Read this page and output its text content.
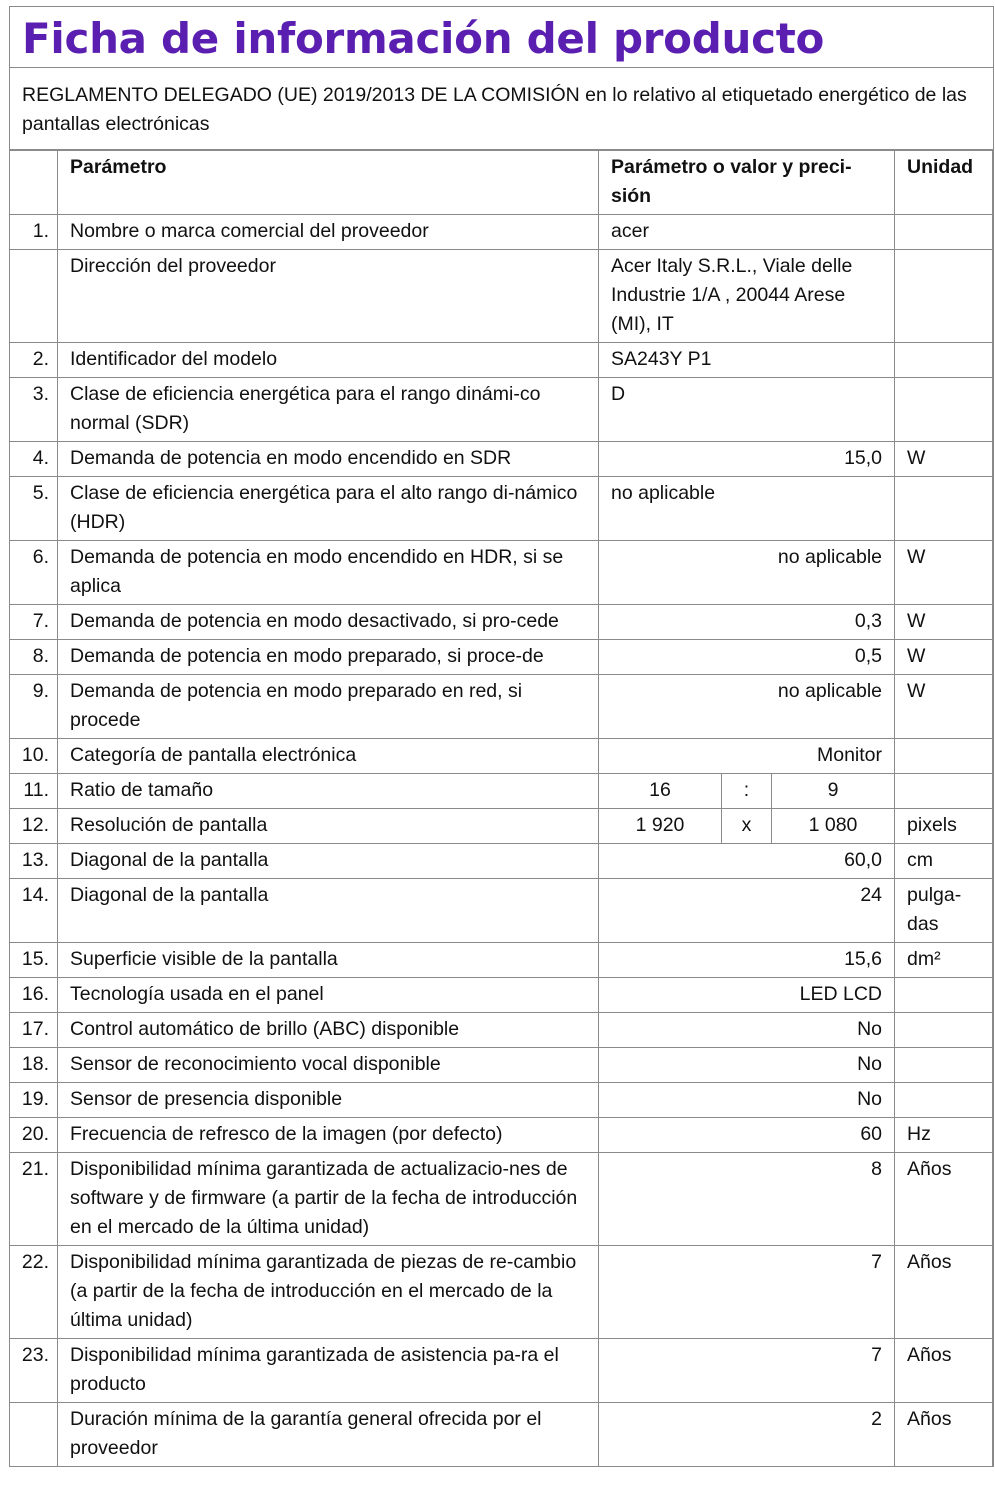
Ficha de información del producto
REGLAMENTO DELEGADO (UE) 2019/2013 DE LA COMISIÓN en lo relativo al etiquetado energético de las pantallas electrónicas
	Parámetro	Parámetro o valor y preci-sión			Unidad
1.	Nombre o marca comercial del proveedor	acer			
	Dirección del proveedor	Acer Italy S.R.L., Viale delle Industrie 1/A , 20044 Arese (MI), IT			
2.	Identificador del modelo	SA243Y P1			
3.	Clase de eficiencia energética para el rango dinámi-co normal (SDR)	D			
4.	Demanda de potencia en modo encendido en SDR	15,0			W
5.	Clase de eficiencia energética para el alto rango di-námico (HDR)	no aplicable			
6.	Demanda de potencia en modo encendido en HDR, si se aplica	no aplicable			W
7.	Demanda de potencia en modo desactivado, si pro-cede	0,3			W
8.	Demanda de potencia en modo preparado, si proce-de	0,5			W
9.	Demanda de potencia en modo preparado en red, si procede	no aplicable			W
10.	Categoría de pantalla electrónica	Monitor			
11.	Ratio de tamaño	16	:	9	
12.	Resolución de pantalla	1 920	x	1 080	pixels
13.	Diagonal de la pantalla	60,0			cm
14.	Diagonal de la pantalla	24			pulga-das
15.	Superficie visible de la pantalla	15,6			dm²
16.	Tecnología usada en el panel	LED LCD			
17.	Control automático de brillo (ABC) disponible	No			
18.	Sensor de reconocimiento vocal disponible	No			
19.	Sensor de presencia disponible	No			
20.	Frecuencia de refresco de la imagen (por defecto)	60			Hz
21.	Disponibilidad mínima garantizada de actualizacio-nes de software y de firmware (a partir de la fecha de introducción en el mercado de la última unidad)	8			Años
22.	Disponibilidad mínima garantizada de piezas de re-cambio (a partir de la fecha de introducción en el mercado de la última unidad)	7			Años
23.	Disponibilidad mínima garantizada de asistencia pa-ra el producto	7			Años
	Duración mínima de la garantía general ofrecida por el proveedor	2			Años
